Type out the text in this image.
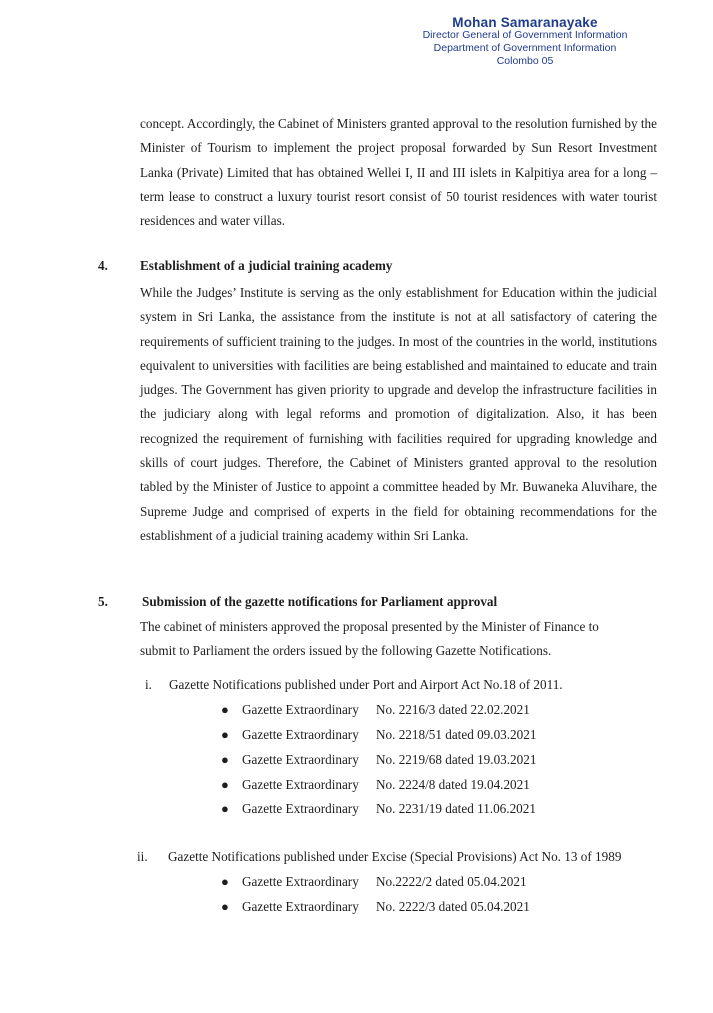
Mohan Samaranayake
Director General of Government Information
Department of Government Information
Colombo 05

concept. Accordingly, the Cabinet of Ministers granted approval to the resolution furnished by the Minister of Tourism to implement the project proposal forwarded by Sun Resort Investment Lanka (Private) Limited that has obtained Wellei I, II and III islets in Kalpitiya area for a long – term lease to construct a luxury tourist resort consist of 50 tourist residences with water tourist residences and water villas.

4. Establishment of a judicial training academy

While the Judges’ Institute is serving as the only establishment for Education within the judicial system in Sri Lanka, the assistance from the institute is not at all satisfactory of catering the requirements of sufficient training to the judges. In most of the countries in the world, institutions equivalent to universities with facilities are being established and maintained to educate and train judges. The Government has given priority to upgrade and develop the infrastructure facilities in the judiciary along with legal reforms and promotion of digitalization. Also, it has been recognized the requirement of furnishing with facilities required for upgrading knowledge and skills of court judges. Therefore, the Cabinet of Ministers granted approval to the resolution tabled by the Minister of Justice to appoint a committee headed by Mr. Buwaneka Aluvihare, the Supreme Judge and comprised of experts in the field for obtaining recommendations for the establishment of a judicial training academy within Sri Lanka.

5.	Submission of the gazette notifications for Parliament approval
The cabinet of ministers approved the proposal presented by the Minister of Finance to
submit to Parliament the orders issued by the following Gazette Notifications.
i. Gazette Notifications published under Port and Airport Act No.18 of 2011.
● Gazette Extraordinary No. 2216/3 dated 22.02.2021
● Gazette Extraordinary No. 2218/51 dated 09.03.2021
● Gazette Extraordinary No. 2219/68 dated 19.03.2021
● Gazette Extraordinary No. 2224/8 dated 19.04.2021
● Gazette Extraordinary No. 2231/19 dated 11.06.2021
ii. Gazette Notifications published under Excise (Special Provisions) Act No. 13 of 1989
● Gazette Extraordinary No.2222/2 dated 05.04.2021
● Gazette Extraordinary No. 2222/3 dated 05.04.2021
